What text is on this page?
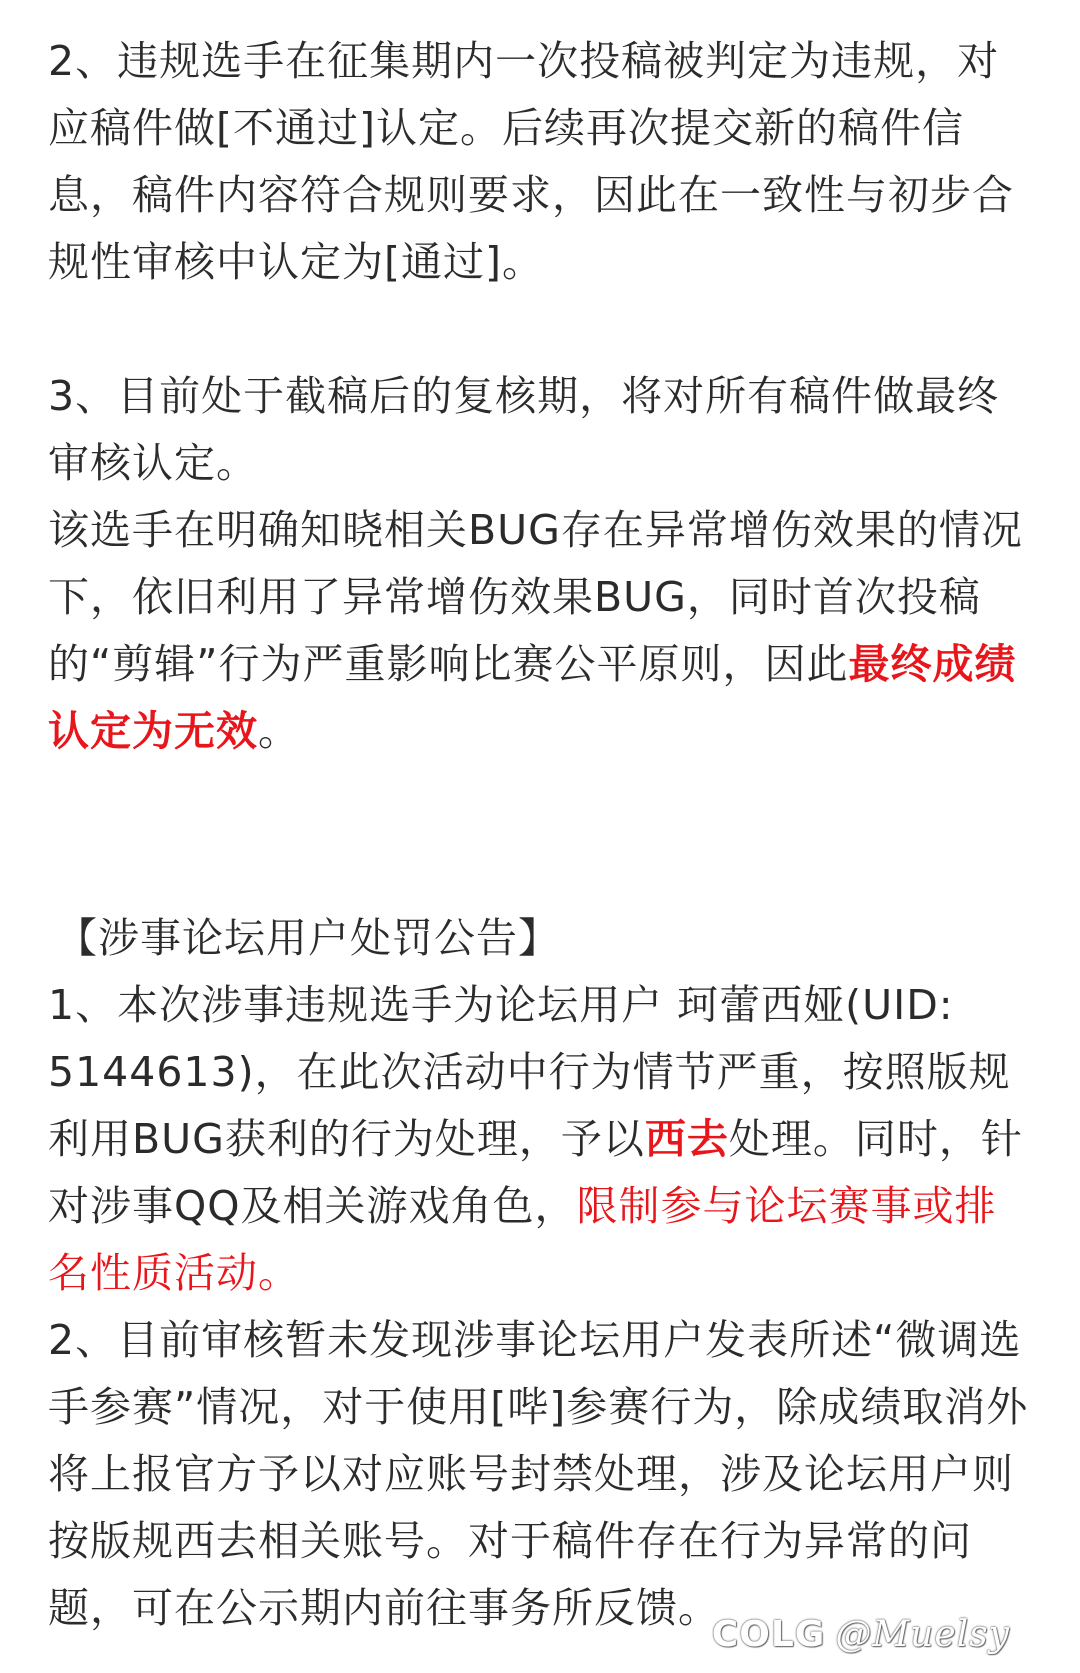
2、违规选手在征集期内一次投稿被判定为违规，对应稿件做[不通过]认定。后续再次提交新的稿件信息，稿件内容符合规则要求，因此在一致性与初步合规性审核中认定为[通过]。

3、目前处于截稿后的复核期，将对所有稿件做最终审核认定。

该选手在明确知晓相关BUG存在异常增伤效果的情况下，依旧利用了异常增伤效果BUG，同时首次投稿的“剪辑”行为严重影响比赛公平原则，因此最终成绩认定为无效。

【涉事论坛用户处罚公告】

1、本次涉事违规选手为论坛用户 珂蕾西娅(UID: 5144613)，在此次活动中行为情节严重，按照版规利用BUG获利的行为处理，予以西去处理。同时，针对涉事QQ及相关游戏角色，限制参与论坛赛事或排名性质活动。

2、目前审核暂未发现涉事论坛用户发表所述“微调选手参赛”情况，对于使用[哔]参赛行为，除成绩取消外将上报官方予以对应账号封禁处理，涉及论坛用户则按版规西去相关账号。对于稿件存在行为异常的问题，可在公示期内前往事务所反馈。

COLG @Muelsy
